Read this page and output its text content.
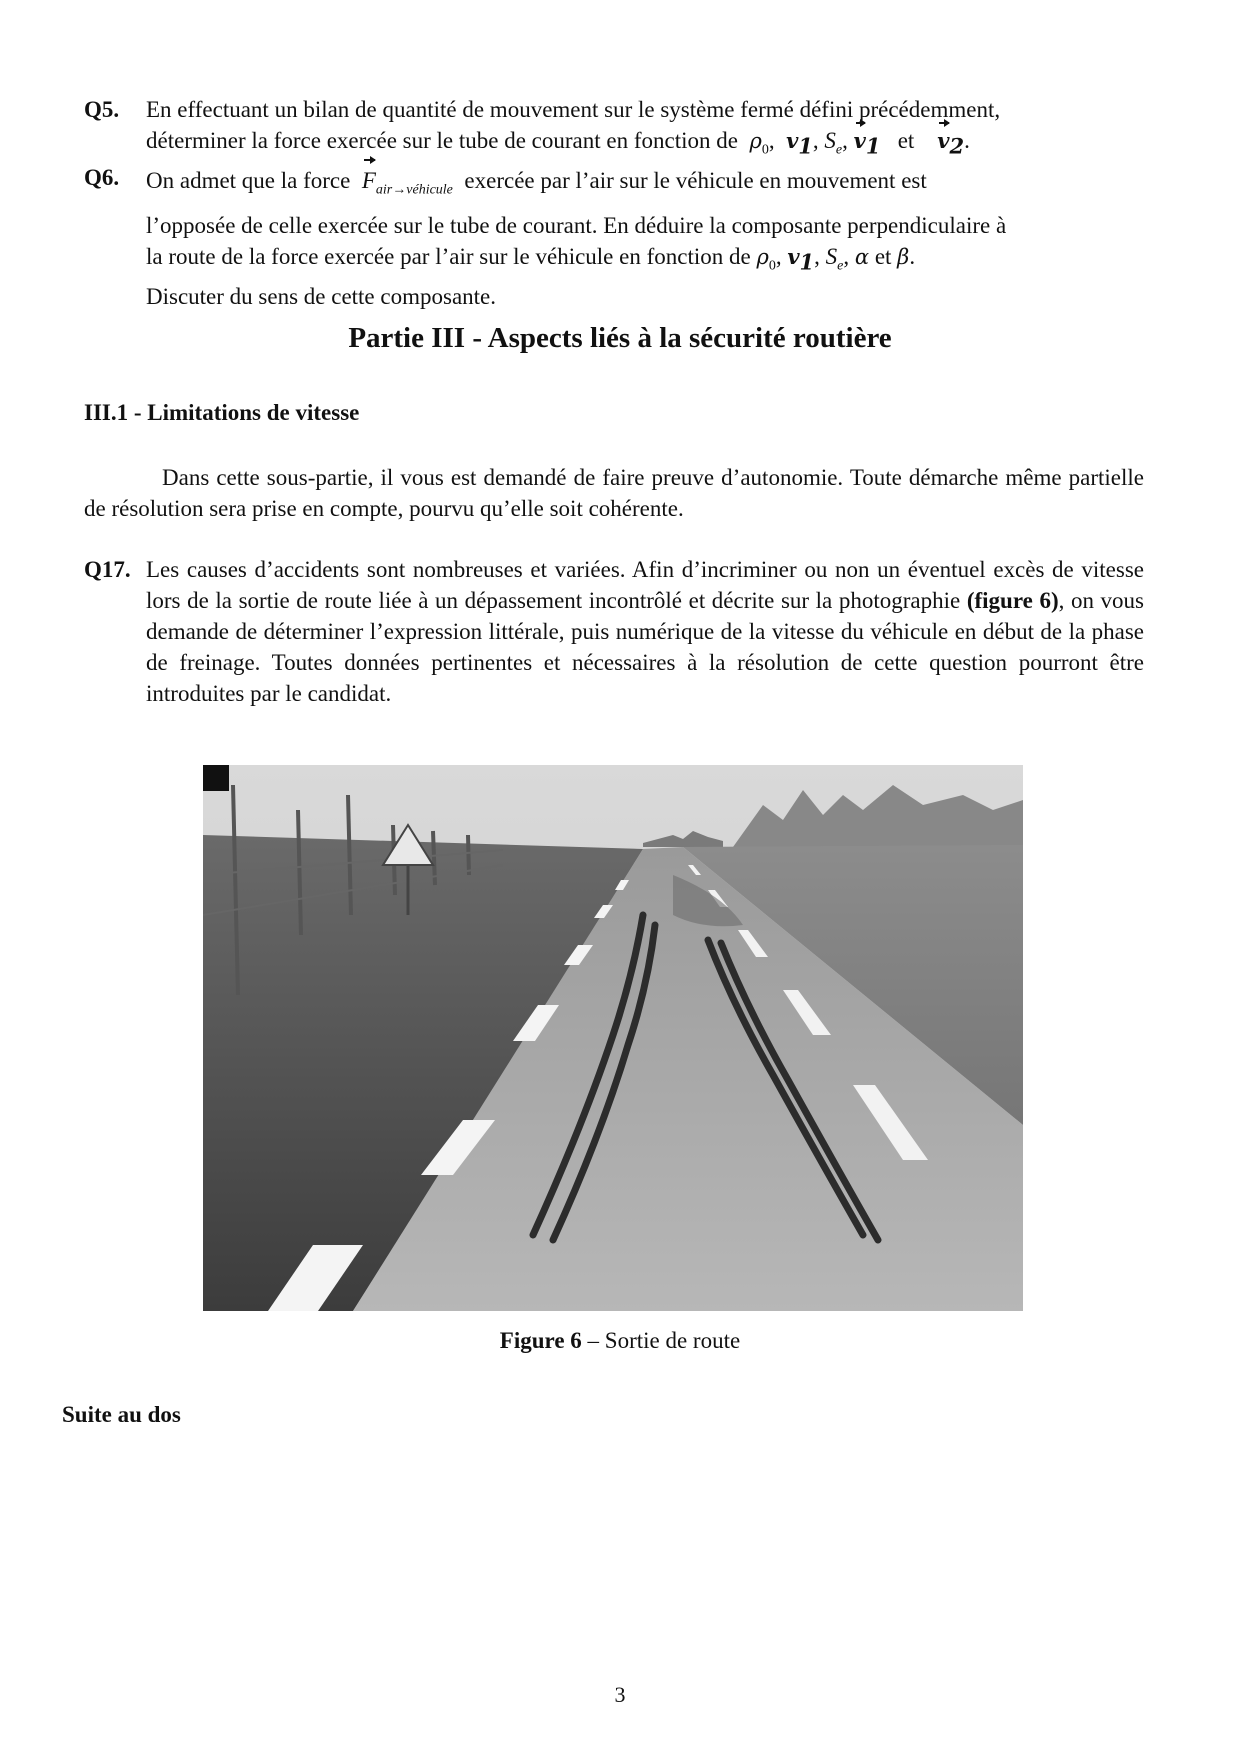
Q5. En effectuant un bilan de quantité de mouvement sur le système fermé défini précédemment,

déterminer la force exercée sur le tube de courant en fonction de $\rho_0$,  $v_1$, $S_e$, $v_1$ et $v_2$.

Q6. On admet que la force $F_{air\to véhicule}$ exercée par l’air sur le véhicule en mouvement est

l’opposée de celle exercée sur le tube de courant. En déduire la composante perpendiculaire à

la route de la force exercée par l’air sur le véhicule en fonction de $\rho_0$, $v_1$, $S_e$, α et β.

Discuter du sens de cette composante.

Partie III - Aspects liés à la sécurité routière
III.1 - Limitations de vitesse

Dans cette sous-partie, il vous est demandé de faire preuve d’autonomie. Toute démarche même partielle de résolution sera prise en compte, pourvu qu’elle soit cohérente.

Q17. Les causes d’accidents sont nombreuses et variées. Afin d’incriminer ou non un éventuel excès de vitesse lors de la sortie de route liée à un dépassement incontrôlé et décrite sur la photographie (figure 6), on vous demande de déterminer l’expression littérale, puis numérique de la vitesse du véhicule en début de la phase de freinage. Toutes données pertinentes et nécessaires à la résolution de cette question pourront être introduites par le candidat.

Figure 6 – Sortie de route
Suite au dos
3
